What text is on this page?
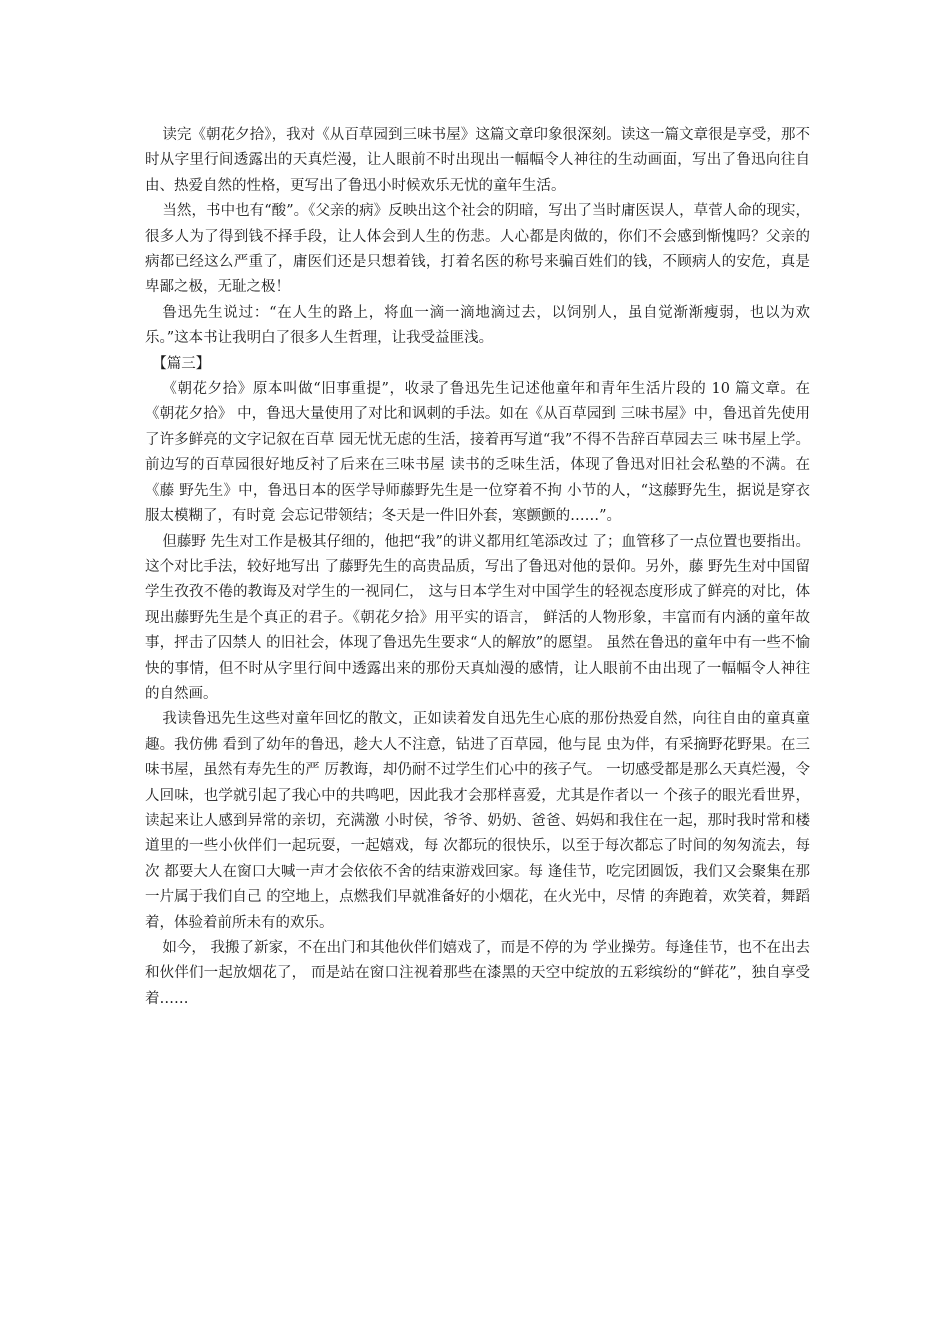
读完《朝花夕拾》，我对《从百草园到三味书屋》这篇文章印象很深刻。读这一篇文章很是享受，那不时从字里行间透露出的天真烂漫，让人眼前不时出现出一幅幅令人神往的生动画面，写出了鲁迅向往自由、热爱自然的性格，更写出了鲁迅小时候欢乐无忧的童年生活。

当然，书中也有“酸”。《父亲的病》反映出这个社会的阴暗，写出了当时庸医误人，草菅人命的现实，很多人为了得到钱不择手段，让人体会到人生的伤悲。人心都是肉做的，你们不会感到惭愧吗？父亲的病都已经这么严重了，庸医们还是只想着钱，打着名医的称号来骗百姓们的钱，不顾病人的安危，真是卑鄙之极，无耻之极！

鲁迅先生说过：“在人生的路上，将血一滴一滴地滴过去，以饲别人，虽自觉渐渐瘦弱，也以为欢乐。”这本书让我明白了很多人生哲理，让我受益匪浅。

【篇三】

《朝花夕拾》原本叫做“旧事重提”，收录了鲁迅先生记述他童年和青年生活片段的 10 篇文章。在《朝花夕拾》 中，鲁迅大量使用了对比和讽刺的手法。如在《从百草园到 三味书屋》中，鲁迅首先使用了许多鲜亮的文字记叙在百草 园无忧无虑的生活，接着再写道“我”不得不告辞百草园去三 味书屋上学。前边写的百草园很好地反衬了后来在三味书屋 读书的乏味生活，体现了鲁迅对旧社会私塾的不满。在《藤 野先生》中，鲁迅日本的医学导师藤野先生是一位穿着不拘 小节的人，“这藤野先生，据说是穿衣服太模糊了，有时竟 会忘记带领结；冬天是一件旧外套，寒颤颤的……”。

但藤野 先生对工作是极其仔细的，他把“我”的讲义都用红笔添改过 了；血管移了一点位置也要指出。这个对比手法，较好地写出 了藤野先生的高贵品质，写出了鲁迅对他的景仰。另外，藤 野先生对中国留学生孜孜不倦的教诲及对学生的一视同仁， 这与日本学生对中国学生的轻视态度形成了鲜亮的对比，体现出藤野先生是个真正的君子。《朝花夕拾》用平实的语言， 鲜活的人物形象，丰富而有内涵的童年故事，抨击了囚禁人 的旧社会，体现了鲁迅先生要求“人的解放”的愿望。 虽然在鲁迅的童年中有一些不愉快的事情，但不时从字里行间中透露出来的那份天真灿漫的感情，让人眼前不由出现了一幅幅令人神往的自然画。

我读鲁迅先生这些对童年回忆的散文，正如读着发自迅先生心底的那份热爱自然，向往自由的童真童趣。我仿佛 看到了幼年的鲁迅，趁大人不注意，钻进了百草园，他与昆 虫为伴，有采摘野花野果。在三味书屋，虽然有寿先生的严 厉教诲，却仍耐不过学生们心中的孩子气。 一切感受都是那么天真烂漫，令人回味，也学就引起了我心中的共鸣吧，因此我才会那样喜爱，尤其是作者以一 个孩子的眼光看世界，读起来让人感到异常的亲切，充满激 小时侯，爷爷、奶奶、爸爸、妈妈和我住在一起，那时我时常和楼道里的一些小伙伴们一起玩耍，一起嬉戏，每 次都玩的很快乐，以至于每次都忘了时间的匆匆流去，每次 都要大人在窗口大喊一声才会依依不舍的结束游戏回家。每 逢佳节，吃完团圆饭，我们又会聚集在那一片属于我们自己 的空地上，点燃我们早就准备好的小烟花，在火光中，尽情 的奔跑着，欢笑着，舞蹈着，体验着前所未有的欢乐。

如今， 我搬了新家，不在出门和其他伙伴们嬉戏了，而是不停的为 学业操劳。每逢佳节，也不在出去和伙伴们一起放烟花了， 而是站在窗口注视着那些在漆黑的天空中绽放的五彩缤纷的“鲜花”，独自享受着……
